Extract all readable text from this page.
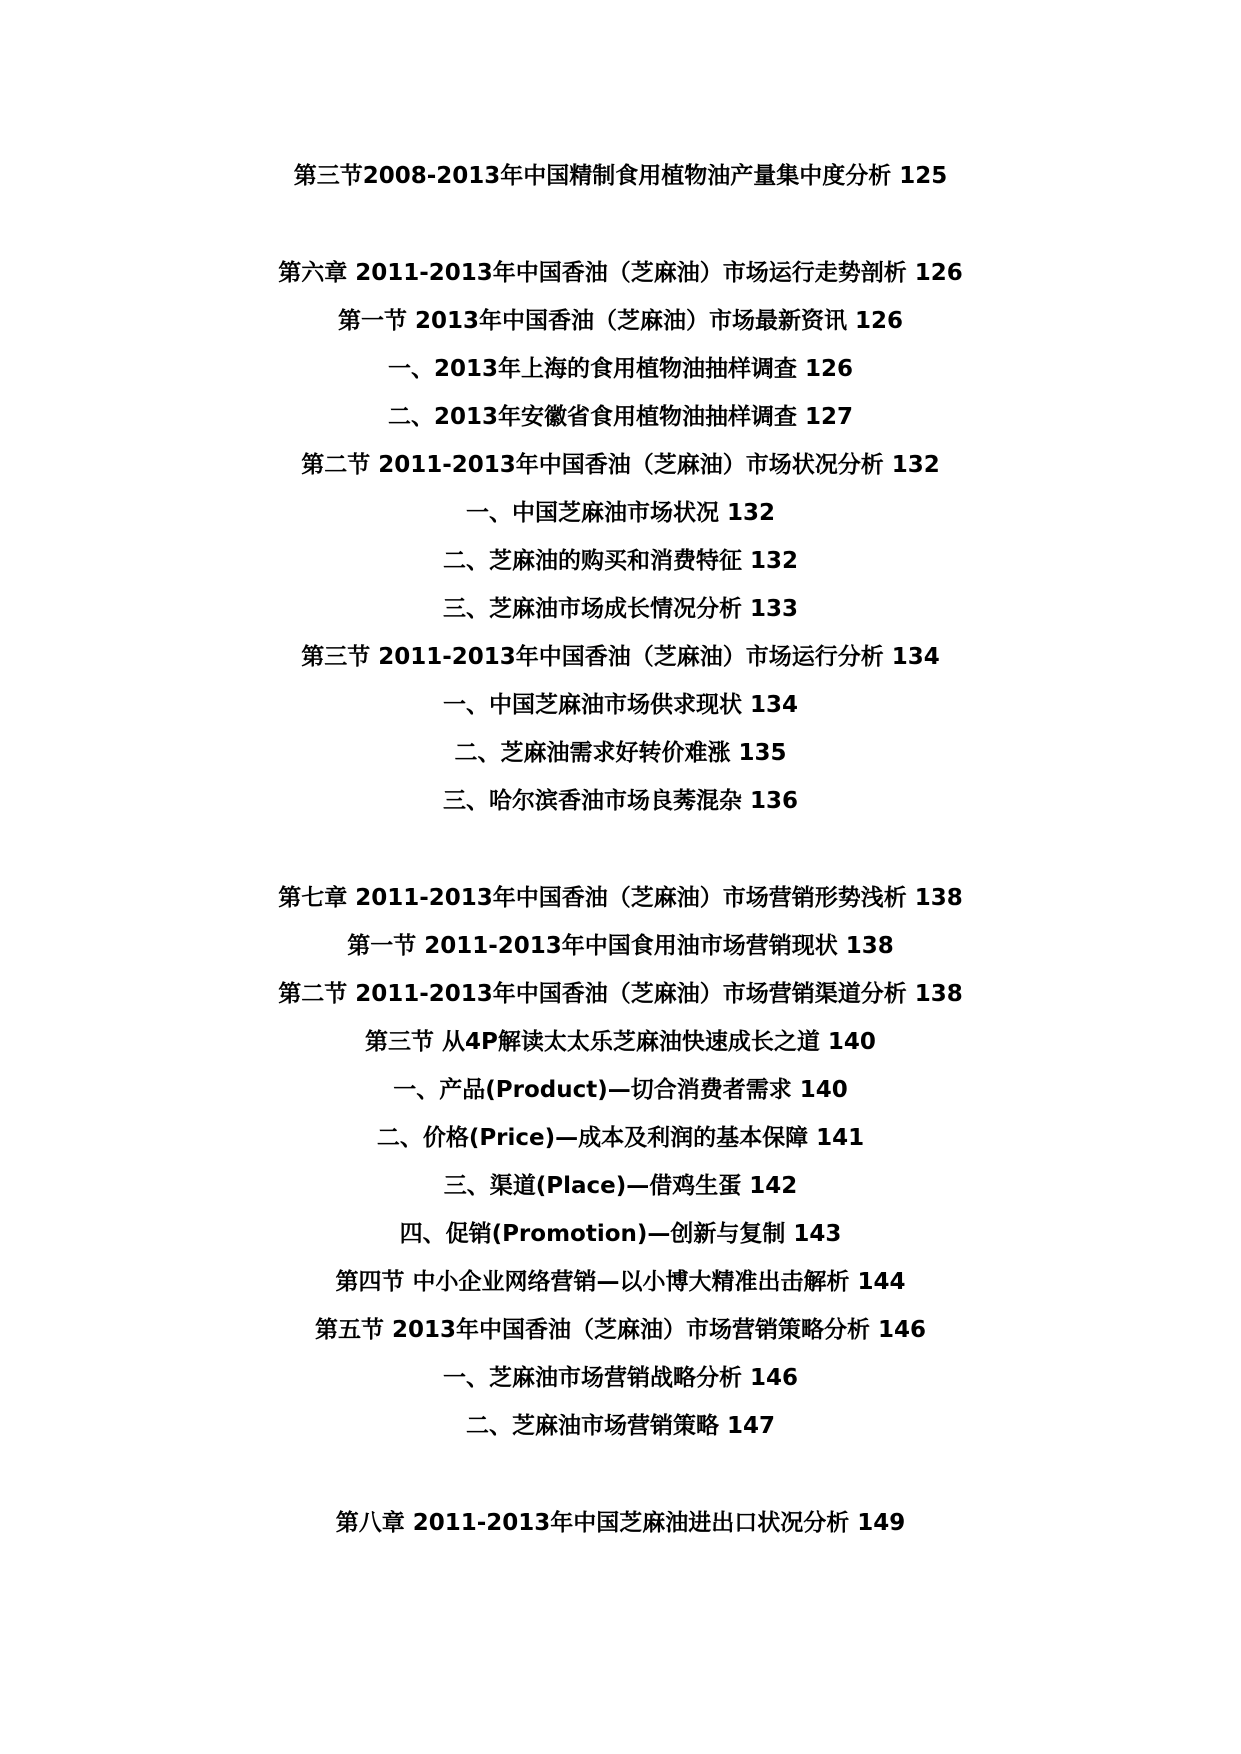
第三节2008-2013年中国精制食用植物油产量集中度分析 125
第六章 2011-2013年中国香油（芝麻油）市场运行走势剖析 126
第一节 2013年中国香油（芝麻油）市场最新资讯 126
一、2013年上海的食用植物油抽样调查 126
二、2013年安徽省食用植物油抽样调查 127
第二节 2011-2013年中国香油（芝麻油）市场状况分析 132
一、中国芝麻油市场状况 132
二、芝麻油的购买和消费特征 132
三、芝麻油市场成长情况分析 133
第三节 2011-2013年中国香油（芝麻油）市场运行分析 134
一、中国芝麻油市场供求现状 134
二、芝麻油需求好转价难涨 135
三、哈尔滨香油市场良莠混杂 136
第七章 2011-2013年中国香油（芝麻油）市场营销形势浅析 138
第一节 2011-2013年中国食用油市场营销现状 138
第二节 2011-2013年中国香油（芝麻油）市场营销渠道分析 138
第三节 从4P解读太太乐芝麻油快速成长之道 140
一、产品(Product)—切合消费者需求 140
二、价格(Price)—成本及利润的基本保障 141
三、渠道(Place)—借鸡生蛋 142
四、促销(Promotion)—创新与复制 143
第四节 中小企业网络营销—以小博大精准出击解析 144
第五节 2013年中国香油（芝麻油）市场营销策略分析 146
一、芝麻油市场营销战略分析 146
二、芝麻油市场营销策略 147
第八章 2011-2013年中国芝麻油进出口状况分析 149
